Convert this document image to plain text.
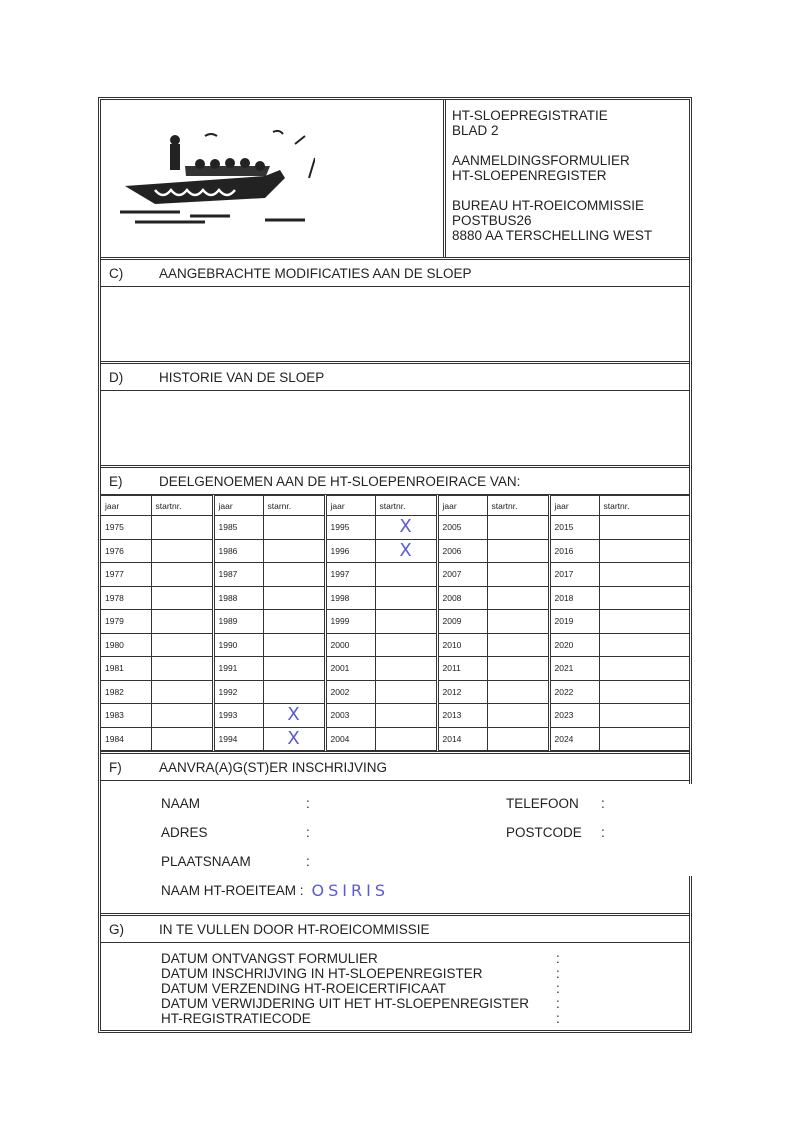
HT-SLOEPREGISTRATIE
BLAD 2
AANMELDINGSFORMULIER
HT-SLOEPENREGISTER
BUREAU HT-ROEICOMMISSIE
POSTBUS26
8880 AA TERSCHELLING WEST
C)	AANGEBRACHTE MODIFICATIES AAN DE SLOEP
D)	HISTORIE VAN DE SLOEP
E)	DEELGENOEMEN AAN DE HT-SLOEPENROEIRACE VAN:
jaar	startnr.	jaar	starnr.	jaar	startnr.	jaar	startnr.	jaar	startnr.
1975		1985		1995	X	2005		2015	
1976		1986		1996	X	2006		2016	
1977		1987		1997		2007		2017	
1978		1988		1998		2008		2018	
1979		1989		1999		2009		2019	
1980		1990		2000		2010		2020	
1981		1991		2001		2011		2021	
1982		1992		2002		2012		2022	
1983		1993	X	2003		2013		2023	
1984		1994	X	2004		2014		2024	
F)	AANVRA(A)G(ST)ER INSCHRIJVING
NAAM	:	TELEFOON	:
ADRES	:	POSTCODE	:
PLAATSNAAM	:
NAAM HT-ROEITEAM : OSIRIS
G)	IN TE VULLEN DOOR HT-ROEICOMMISSIE
DATUM ONTVANGST FORMULIER	:
DATUM INSCHRIJVING IN HT-SLOEPENREGISTER	:
DATUM VERZENDING HT-ROEICERTIFICAAT	:
DATUM VERWIJDERING UIT HET HT-SLOEPENREGISTER	:
HT-REGISTRATIECODE	:
